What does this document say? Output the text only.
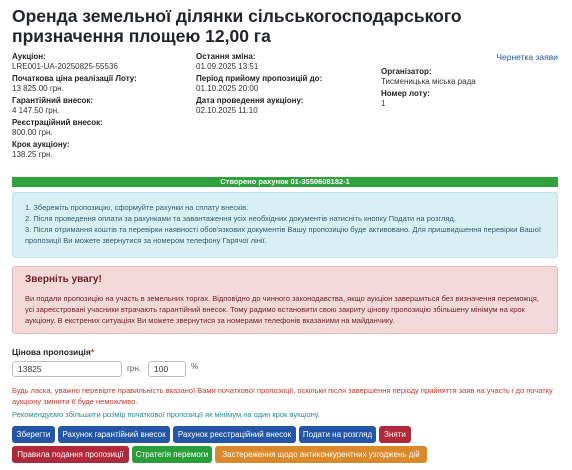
Оренда земельної ділянки сільськогосподарського призначення площею 12,00 га
Чернетка заяви
Аукціон:
LRE001-UA-20250825-55536
Початкова ціна реалізації Лоту:
13 825.00 грн.
Гарантійний внесок:
4 147.50 грн.
Реєстраційний внесок:
800.00 грн.
Крок аукціону:
138.25 грн.
Остання зміна:
01.09.2025 13:51
Період прийому пропозицій до:
01.10.2025 20:00
Дата проведення аукціону:
02.10.2025 11:10
Організатор:
Тисменицька міська рада
Номер лоту:
1
Створено рахунок 01-3550608182-1
1. Збережіть пропозицію, сформуйте рахунки на сплату внесків.
2. Після проведення оплати за рахунками та завантаження усіх необхідних документів натисніть кнопку Подати на розгляд.
3. Після отримання коштів та перевірки наявності обов'язкових документів Вашу пропозицію буде активовано. Для пришвидшення перевірки Вашої пропозиції Ви можете звернутися за номером телефону Гарячої лінії.
Зверніть увагу!

Ви подали пропозицію на участь в земельних торгах. Відповідно до чинного законодавства, якщо аукціон завершиться без визначення переможця, усі зареєстровані учасники втрачають гарантійний внесок. Тому радимо встановити свою закриту цінову пропозицію збільшену мінімум на крок аукціону. В екстрених ситуаціях Ви можете звернутися за номерами телефонів вказаними на майданчику.

Цінова пропозиція*
13825	грн.	100	%
Будь ласка, уважно перевірте правильність вказаної Вами початкової пропозиції, оскільки після завершення періоду прийняття заяв на участь і до початку аукціону змінити її буде неможливо.
Рекомендуємо збільшити розмір початкової пропозиції як мінімум на один крок аукціону.
Зберегти	Рахунок гарантійний внесок	Рахунок реєстраційний внесок	Подати на розгляд	Зняти
Правила подання пропозиції	Стратегія перемоги	Застереження щодо антиконкурентних узгоджень дій
